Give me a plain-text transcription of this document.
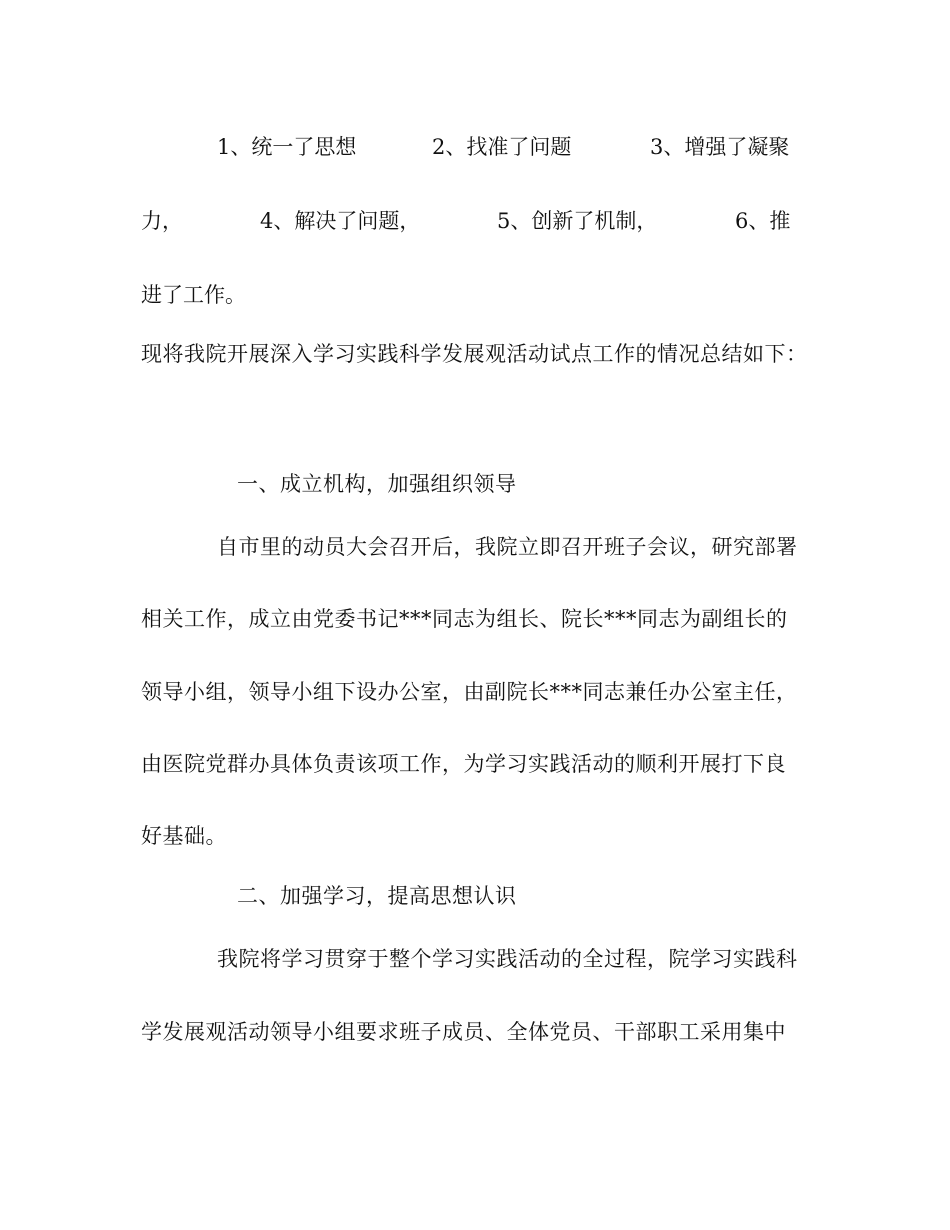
1、统一了思想	2、找准了问题	3、增强了凝聚
力，	4、解决了问题，	5、创新了机制，	6、推
进了工作。
现将我院开展深入学习实践科学发展观活动试点工作的情况总结如下：
一、成立机构，加强组织领导
自市里的动员大会召开后，我院立即召开班子会议，研究部署
相关工作，成立由党委书记***同志为组长、院长***同志为副组长的
领导小组，领导小组下设办公室，由副院长***同志兼任办公室主任，
由医院党群办具体负责该项工作，为学习实践活动的顺利开展打下良
好基础。
二、加强学习，提高思想认识
我院将学习贯穿于整个学习实践活动的全过程，院学习实践科
学发展观活动领导小组要求班子成员、全体党员、干部职工采用集中
